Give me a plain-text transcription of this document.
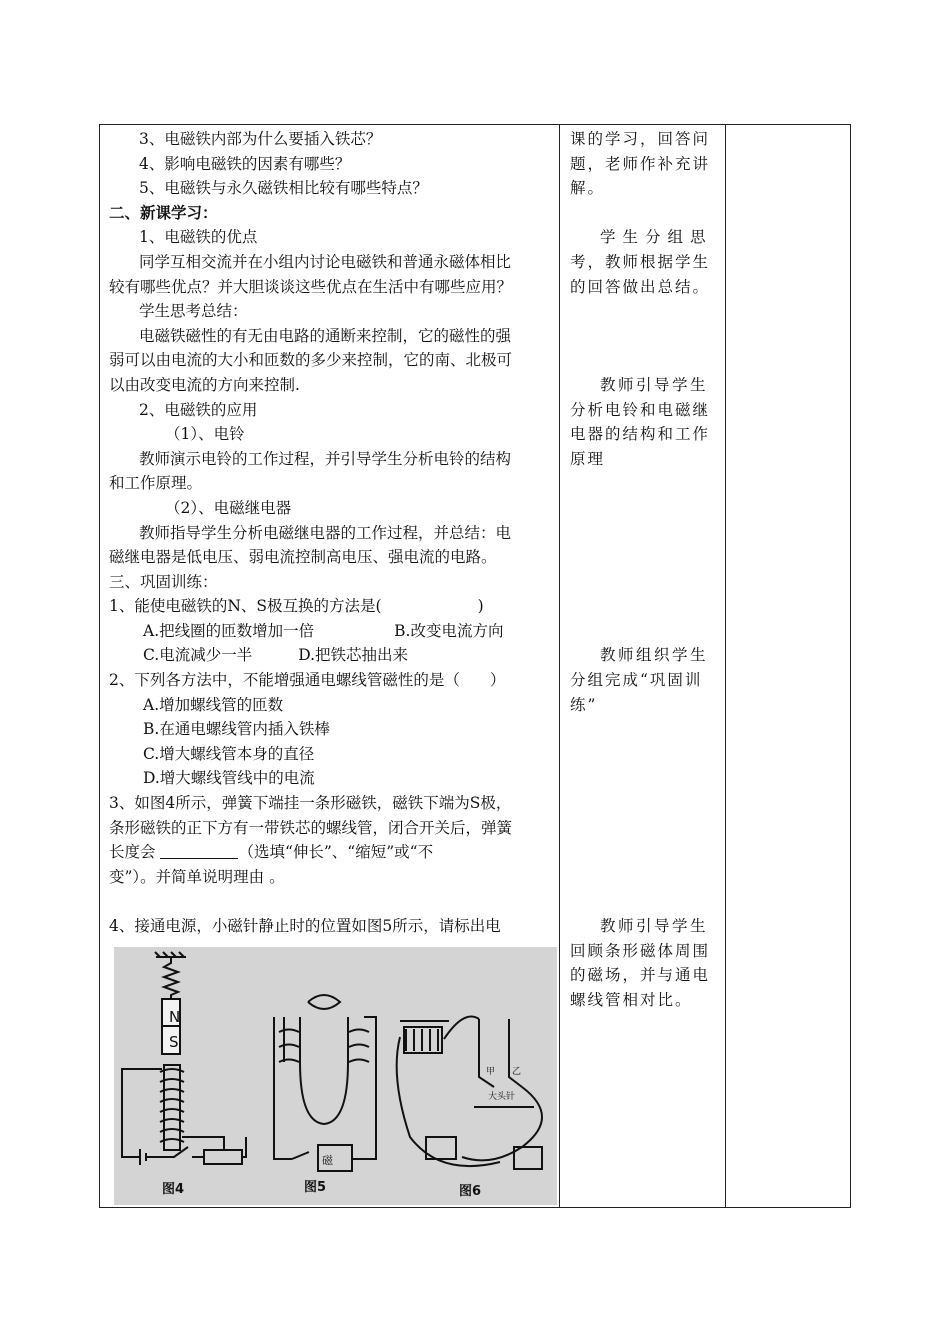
3、电磁铁内部为什么要插入铁芯？
4、影响电磁铁的因素有哪些？
5、电磁铁与永久磁铁相比较有哪些特点？
二、新课学习：
1、电磁铁的优点
同学互相交流并在小组内讨论电磁铁和普通永磁体相比
较有哪些优点？并大胆谈谈这些优点在生活中有哪些应用？
学生思考总结：
电磁铁磁性的有无由电路的通断来控制，它的磁性的强
弱可以由电流的大小和匝数的多少来控制，它的南、北极可
以由改变电流的方向来控制.
2、电磁铁的应用
（1）、电铃
教师演示电铃的工作过程，并引导学生分析电铃的结构
和工作原理。
（2）、电磁继电器
教师指导学生分析电磁继电器的工作过程，并总结：电
磁继电器是低电压、弱电流控制高电压、强电流的电路。
三、巩固训练：
1、能使电磁铁的N、S极互换的方法是(	)
A.把线圈的匝数增加一倍	B.改变电流方向
C.电流减少一半	D.把铁芯抽出来
2、下列各方法中，不能增强通电螺线管磁性的是（ ）
A.增加螺线管的匝数
B.在通电螺线管内插入铁棒
C.增大螺线管本身的直径
D.增大螺线管线中的电流
3、如图4所示，弹簧下端挂一条形磁铁，磁铁下端为S极，
条形磁铁的正下方有一带铁芯的螺线管，闭合开关后，弹簧
长度会	（选填“伸长”、“缩短”或“不
变”）。并简单说明理由 。
4、接通电源，小磁针静止时的位置如图5所示，请标出电
N
S
磁
甲 乙
大头针
图4	图5	图6
课的学习，回答问
题，老师作补充讲
解。
学生分组思
考，教师根据学生
的回答做出总结。
教师引导学生
分析电铃和电磁继
电器的结构和工作
原理
教师组织学生
分组完成“巩固训
练”
教师引导学生
回顾条形磁体周围
的磁场，并与通电
螺线管相对比。
